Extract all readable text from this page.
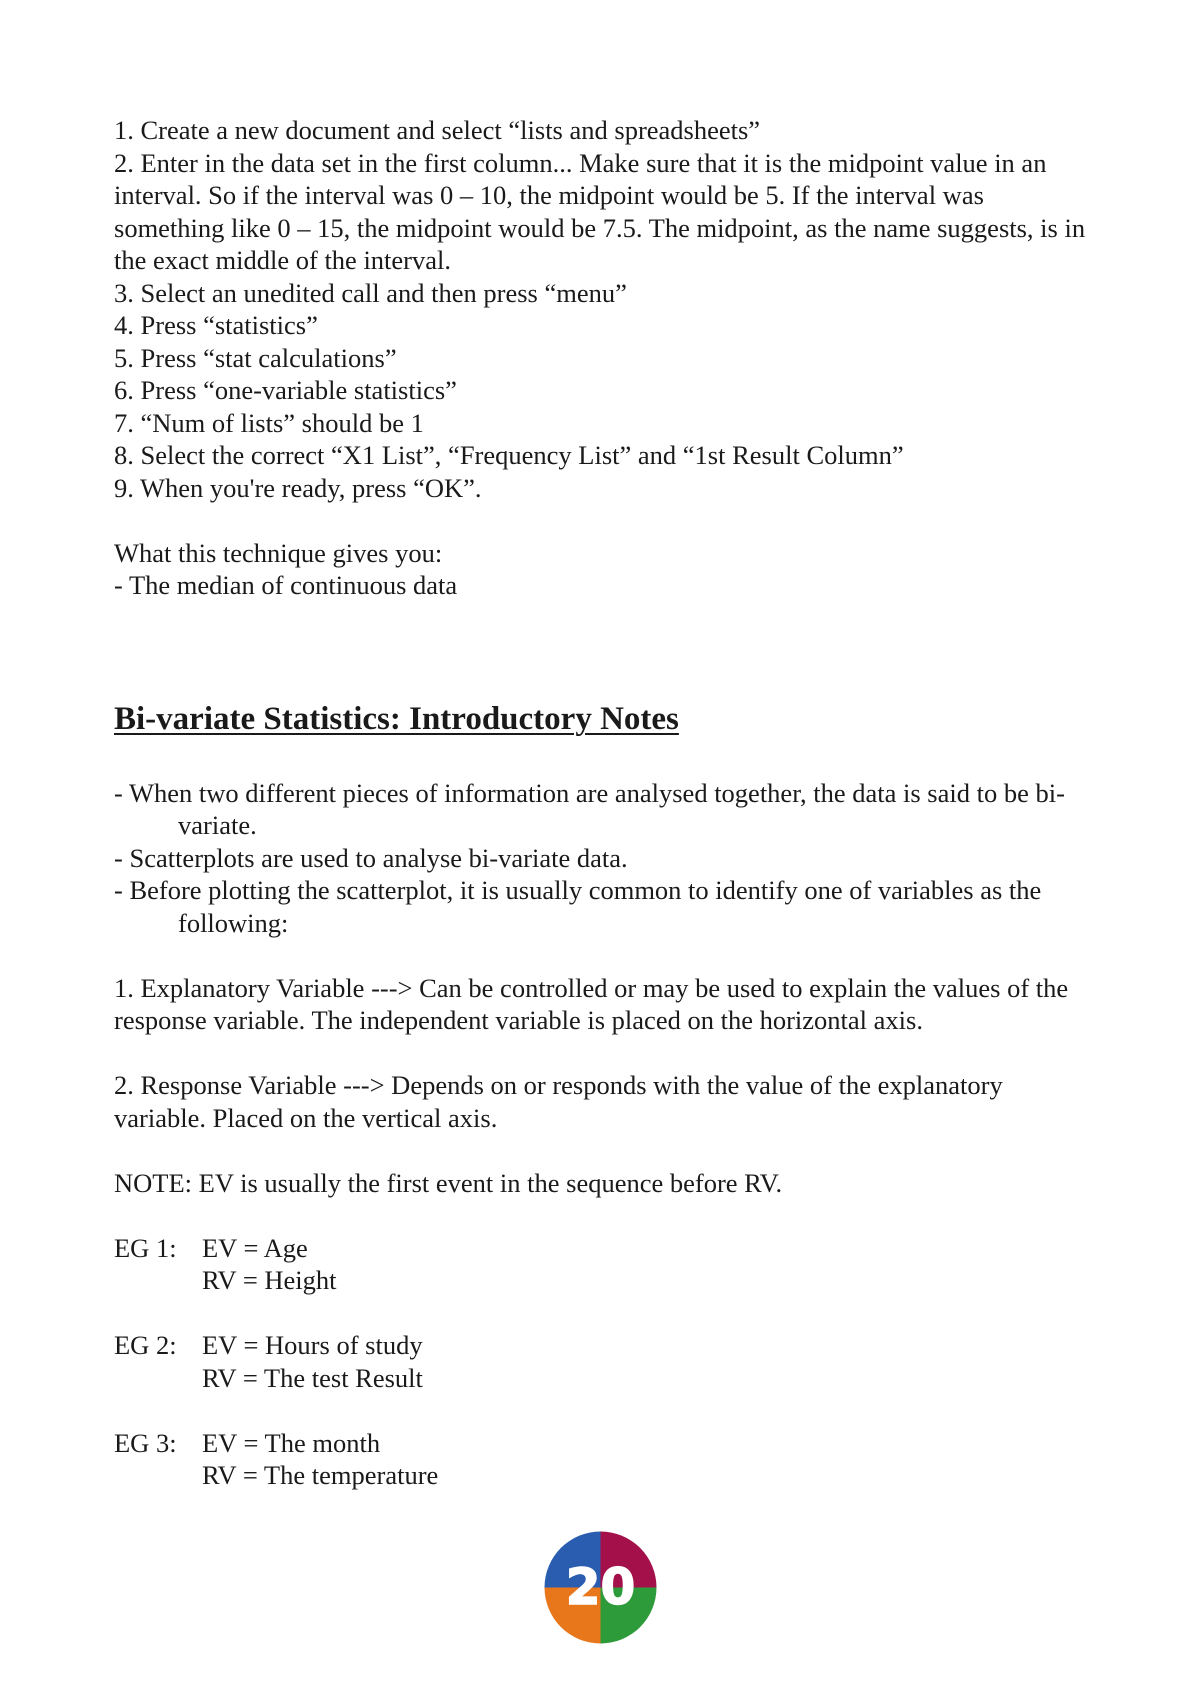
1. Create a new document and select “lists and spreadsheets”
2. Enter in the data set in the first column... Make sure that it is the midpoint value in an interval. So if the interval was 0 – 10, the midpoint would be 5. If the interval was something like 0 – 15, the midpoint would be 7.5. The midpoint, as the name suggests, is in the exact middle of the interval.
3. Select an unedited call and then press “menu”
4. Press “statistics”
5. Press “stat calculations”
6. Press “one-variable statistics”
7. “Num of lists” should be 1
8. Select the correct “X1 List”, “Frequency List” and “1st Result Column”
9. When you're ready, press “OK”.
What this technique gives you:
- The median of continuous data
Bi-variate Statistics: Introductory Notes
- When two different pieces of information are analysed together, the data is said to be bi-variate.
- Scatterplots are used to analyse bi-variate data.
- Before plotting the scatterplot, it is usually common to identify one of variables as the following:
1. Explanatory Variable ---> Can be controlled or may be used to explain the values of the response variable. The independent variable is placed on the horizontal axis.
2. Response Variable ---> Depends on or responds with the value of the explanatory variable. Placed on the vertical axis.
NOTE: EV is usually the first event in the sequence before RV.
EG 1: EV = Age
RV = Height
EG 2: EV = Hours of study
RV = The test Result
EG 3: EV = The month
RV = The temperature
20
